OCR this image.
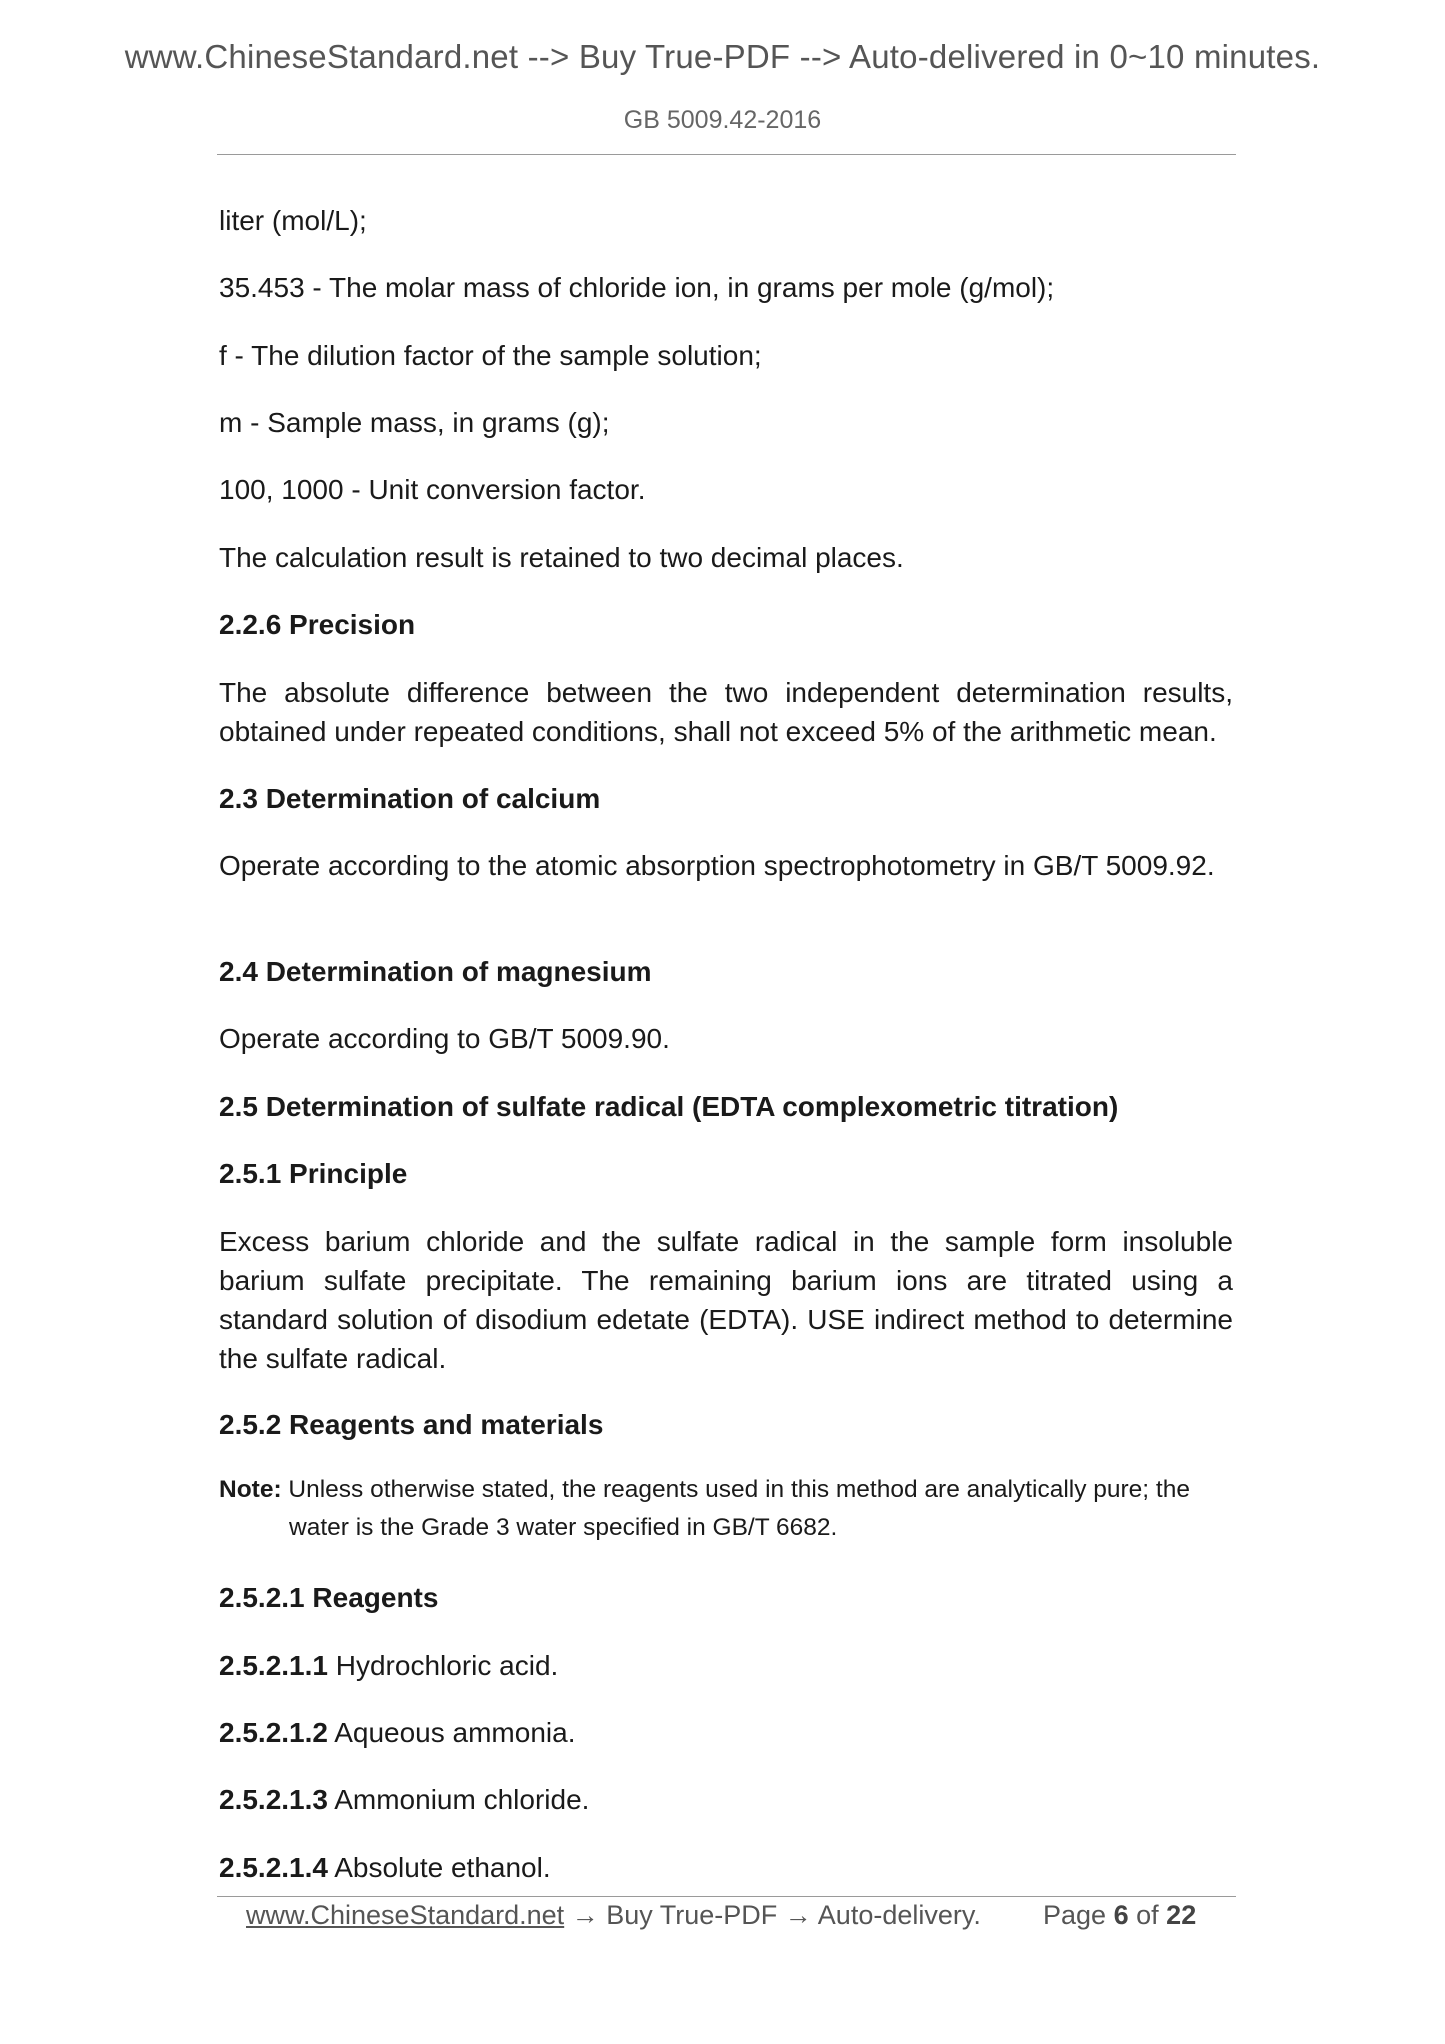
www.ChineseStandard.net --> Buy True-PDF --> Auto-delivered in 0~10 minutes.
GB 5009.42-2016
liter (mol/L);
35.453 - The molar mass of chloride ion, in grams per mole (g/mol);
f - The dilution factor of the sample solution;
m - Sample mass, in grams (g);
100, 1000 - Unit conversion factor.
The calculation result is retained to two decimal places.
2.2.6 Precision
The absolute difference between the two independent determination results, obtained under repeated conditions, shall not exceed 5% of the arithmetic mean.
2.3 Determination of calcium
Operate according to the atomic absorption spectrophotometry in GB/T 5009.92.
2.4 Determination of magnesium
Operate according to GB/T 5009.90.
2.5 Determination of sulfate radical (EDTA complexometric titration)
2.5.1 Principle
Excess barium chloride and the sulfate radical in the sample form insoluble barium sulfate precipitate. The remaining barium ions are titrated using a standard solution of disodium edetate (EDTA). USE indirect method to determine the sulfate radical.
2.5.2 Reagents and materials
Note: Unless otherwise stated, the reagents used in this method are analytically pure; the
water is the Grade 3 water specified in GB/T 6682.
2.5.2.1 Reagents
2.5.2.1.1 Hydrochloric acid.
2.5.2.1.2 Aqueous ammonia.
2.5.2.1.3 Ammonium chloride.
2.5.2.1.4 Absolute ethanol.
www.ChineseStandard.net → Buy True-PDF → Auto-delivery. Page 6 of 22
